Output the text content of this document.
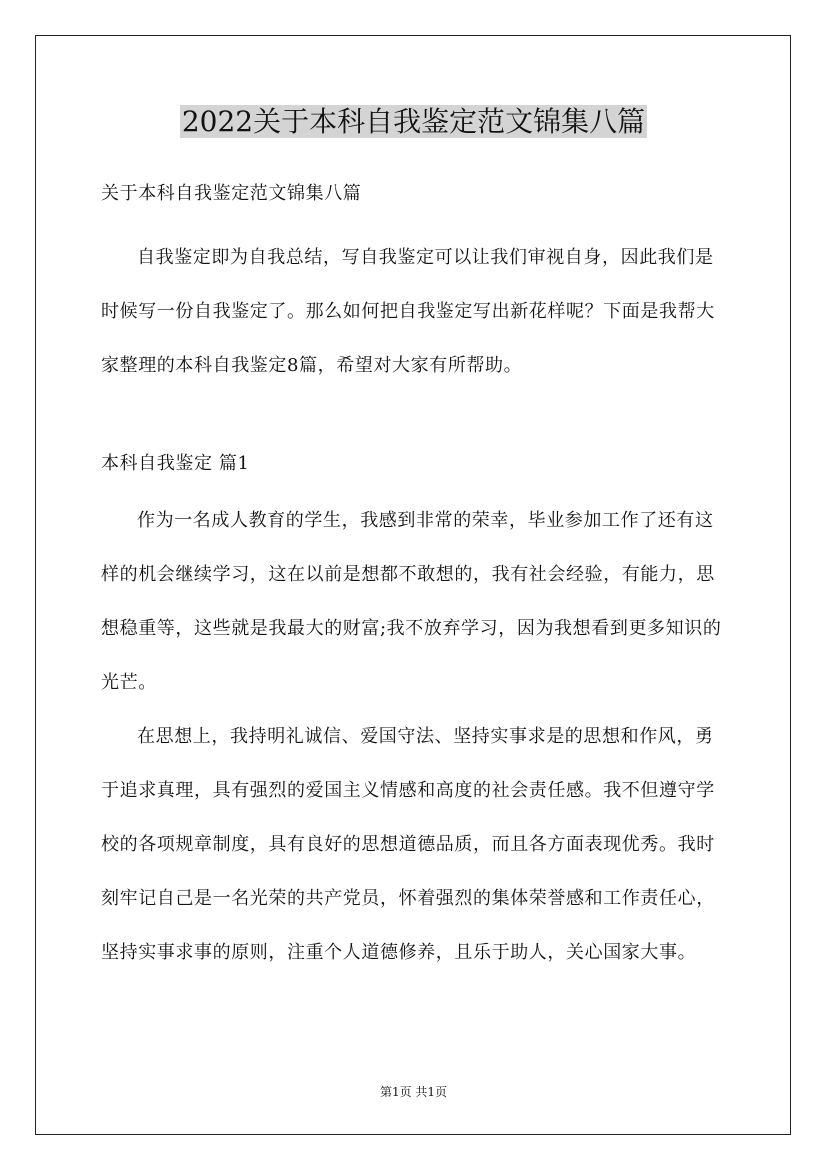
2022关于本科自我鉴定范文锦集八篇

关于本科自我鉴定范文锦集八篇

自我鉴定即为自我总结，写自我鉴定可以让我们审视自身，因此我们是时候写一份自我鉴定了。那么如何把自我鉴定写出新花样呢？下面是我帮大家整理的本科自我鉴定8篇，希望对大家有所帮助。

本科自我鉴定 篇1

作为一名成人教育的学生，我感到非常的荣幸，毕业参加工作了还有这样的机会继续学习，这在以前是想都不敢想的，我有社会经验，有能力，思想稳重等，这些就是我最大的财富;我不放弃学习，因为我想看到更多知识的光芒。

在思想上，我持明礼诚信、爱国守法、坚持实事求是的思想和作风，勇于追求真理，具有强烈的爱国主义情感和高度的社会责任感。我不但遵守学校的各项规章制度，具有良好的思想道德品质，而且各方面表现优秀。我时刻牢记自己是一名光荣的共产党员，怀着强烈的集体荣誉感和工作责任心，坚持实事求事的原则，注重个人道德修养，且乐于助人，关心国家大事。

第1页 共1页
